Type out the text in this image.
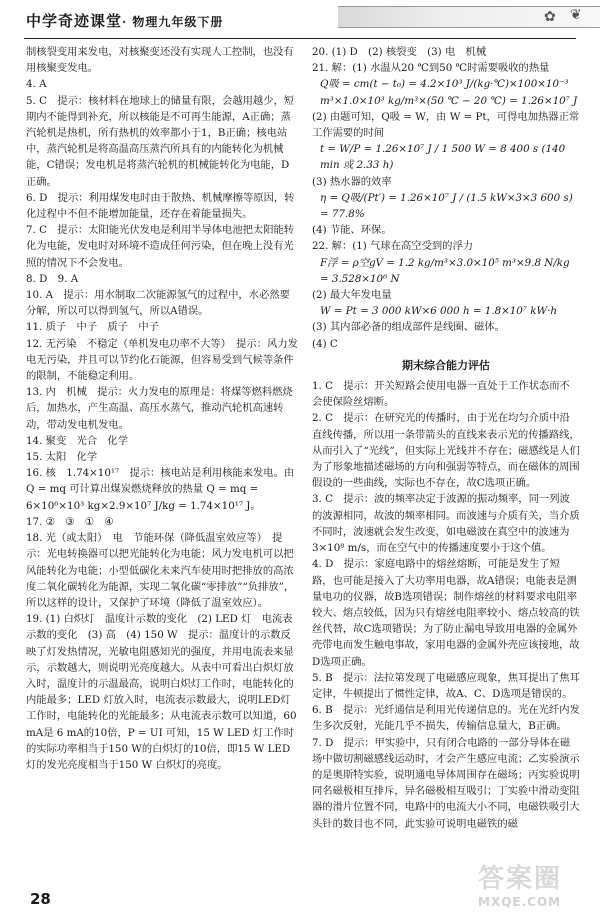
中学奇迹课堂· 物理九年级下册	✿ ❦

制核裂变用来发电，对核聚变还没有实现人工控制，也没有用核聚变发电。

4. A

5. C　提示：核材料在地球上的储量有限，会越用越少，短期内不能得到补充，所以核能是不可再生能源，A正确；蒸汽轮机是热机，所有热机的效率都小于1，B正确；核电站中，蒸汽轮机是将高温高压蒸汽所具有的内能转化为机械能，C错误；发电机是将蒸汽轮机的机械能转化为电能，D正确。

6. D　提示：利用煤发电时由于散热、机械摩擦等原因，转化过程中不但不能增加能量，还存在着能量损失。

7. C　提示：太阳能光伏发电是利用半导体电池把太阳能转化为电能，发电时对环境不造成任何污染，但在晚上没有光照的情况下不会发电。

8. D　9. A

10. A　提示：用水制取二次能源氢气的过程中，水必然要分解，所以可以得到氢气，所以A错误。

11. 质子　中子　质子　中子

12. 无污染　不稳定（单机发电功率不大等）　提示：风力发电无污染，并且可以节约化石能源，但容易受到气候等条件的限制，不能稳定利用。

13. 内　机械　提示：火力发电的原理是：将煤等燃料燃烧后，加热水，产生高温、高压水蒸气，推动汽轮机高速转动，带动发电机发电。

14. 聚变　光合　化学

15. 太阳　化学

16. 核　1.74×10¹⁷　提示：核电站是利用核能来发电。由 Q = mq 可计算出煤炭燃烧释放的热量 Q = mq = 6×10⁶×10³ kg×2.9×10⁷ J/kg = 1.74×10¹⁷ J。

17. ②　③　①　④

18. 光（或太阳）　电　节能环保（降低温室效应等）　提示：光电转换器可以把光能转化为电能；风力发电机可以把风能转化为电能；小型低碳化未来汽车使用时把排放的高浓度二氧化碳转化为能源，实现二氧化碳“零排放”“负排放”，所以这样的设计，又保护了环境（降低了温室效应）。

19. (1) 白炽灯　温度计示数的变化　(2) LED 灯　电流表示数的变化　(3) 高　(4) 150 W　提示：温度计的示数反映了灯发热情况，光敏电阻感知光的强度，并用电流表来显示，示数越大，则说明光亮度越大。从表中可看出白炽灯放入时，温度计的示温最高，说明白炽灯工作时，电能转化的内能最多；LED 灯放入时，电流表示数最大，说明LED灯工作时，电能转化的光能最多；从电流表示数可以知道，60 mA是 6 mA的10倍，P = UI 可知，15 W LED 灯工作时的实际功率相当于150 W的白炽灯的10倍，即15 W LED 灯的发光亮度相当于150 W 白炽灯的亮度。

20. (1) D　(2) 核裂变　(3) 电　机械

21. 解：(1) 水温从20 ℃到50 ℃时需要吸收的热量

Q吸 = cm(t − t₀) = 4.2×10³ J/(kg·℃)×100×10⁻³ m³×1.0×10³ kg/m³×(50 ℃ − 20 ℃) = 1.26×10⁷ J

(2) 由题可知，Q吸 = W，由 W = Pt，可得电加热器正常工作需要的时间

t = W/P = 1.26×10⁷ J / 1 500 W = 8 400 s (140 min 或 2.33 h)

(3) 热水器的效率

η = Q吸/(Pt′) = 1.26×10⁷ J / (1.5 kW×3×3 600 s) = 77.8%

(4) 节能、环保。

22. 解：(1) 气球在高空受到的浮力

F浮 = ρ空gV = 1.2 kg/m³×3.0×10⁵ m³×9.8 N/kg = 3.528×10⁶ N

(2) 最大年发电量

W = Pt = 3 000 kW×6 000 h = 1.8×10⁷ kW·h

(3) 其内部必备的组成部件是线圈、磁体。

(4) C

期末综合能力评估

1. C　提示：开关短路会使用电器一直处于工作状态而不会使保险丝熔断。

2. C　提示：在研究光的传播时，由于光在均匀介质中沿直线传播，所以用一条带箭头的直线来表示光的传播路线，从而引入了“光线”，但实际上光线并不存在；磁感线是人们为了形象地描述磁场的方向和强弱等特点，而在磁体的周围假设的一些曲线，实际也不存在，故C选项正确。

3. C　提示：波的频率决定于波源的振动频率，同一列波的波源相同，故波的频率相同。而波速与介质有关，当介质不同时，波速就会发生改变，如电磁波在真空中的波速为3×10⁸ m/s，而在空气中的传播速度要小于这个值。

4. D　提示：家庭电路中的熔丝熔断，可能是发生了短路，也可能是接入了大功率用电器，故A错误；电能表是测量电功的仪器，故B选项错误；制作熔丝的材料要求电阻率较大、熔点较低，因为只有熔丝电阻率较小、熔点较高的铁丝代替，故C选项错误；为了防止漏电导致用电器的金属外壳带电而发生触电事故，家用电器的金属外壳应该接地，故D选项正确。

5. B　提示：法拉第发现了电磁感应现象，焦耳提出了焦耳定律，牛顿提出了惯性定律，故A、C、D选项是错误的。

6. B　提示：光纤通信是利用光传递信息的。光在光纤内发生多次反射，光能几乎不损失，传输信息量大，B正确。

7. D　提示：甲实验中，只有闭合电路的一部分导体在磁场中做切割磁感线运动时，才会产生感应电流；乙实验演示的是奥斯特实验，说明通电导体周围存在磁场；丙实验说明同名磁极相互排斥，异名磁极相互吸引；丁实验中滑动变阻器的滑片位置不同，电路中的电流大小不同，电磁铁吸引大头针的数目也不同，此实验可说明电磁铁的磁

28
答案圈
MXQE.COM
